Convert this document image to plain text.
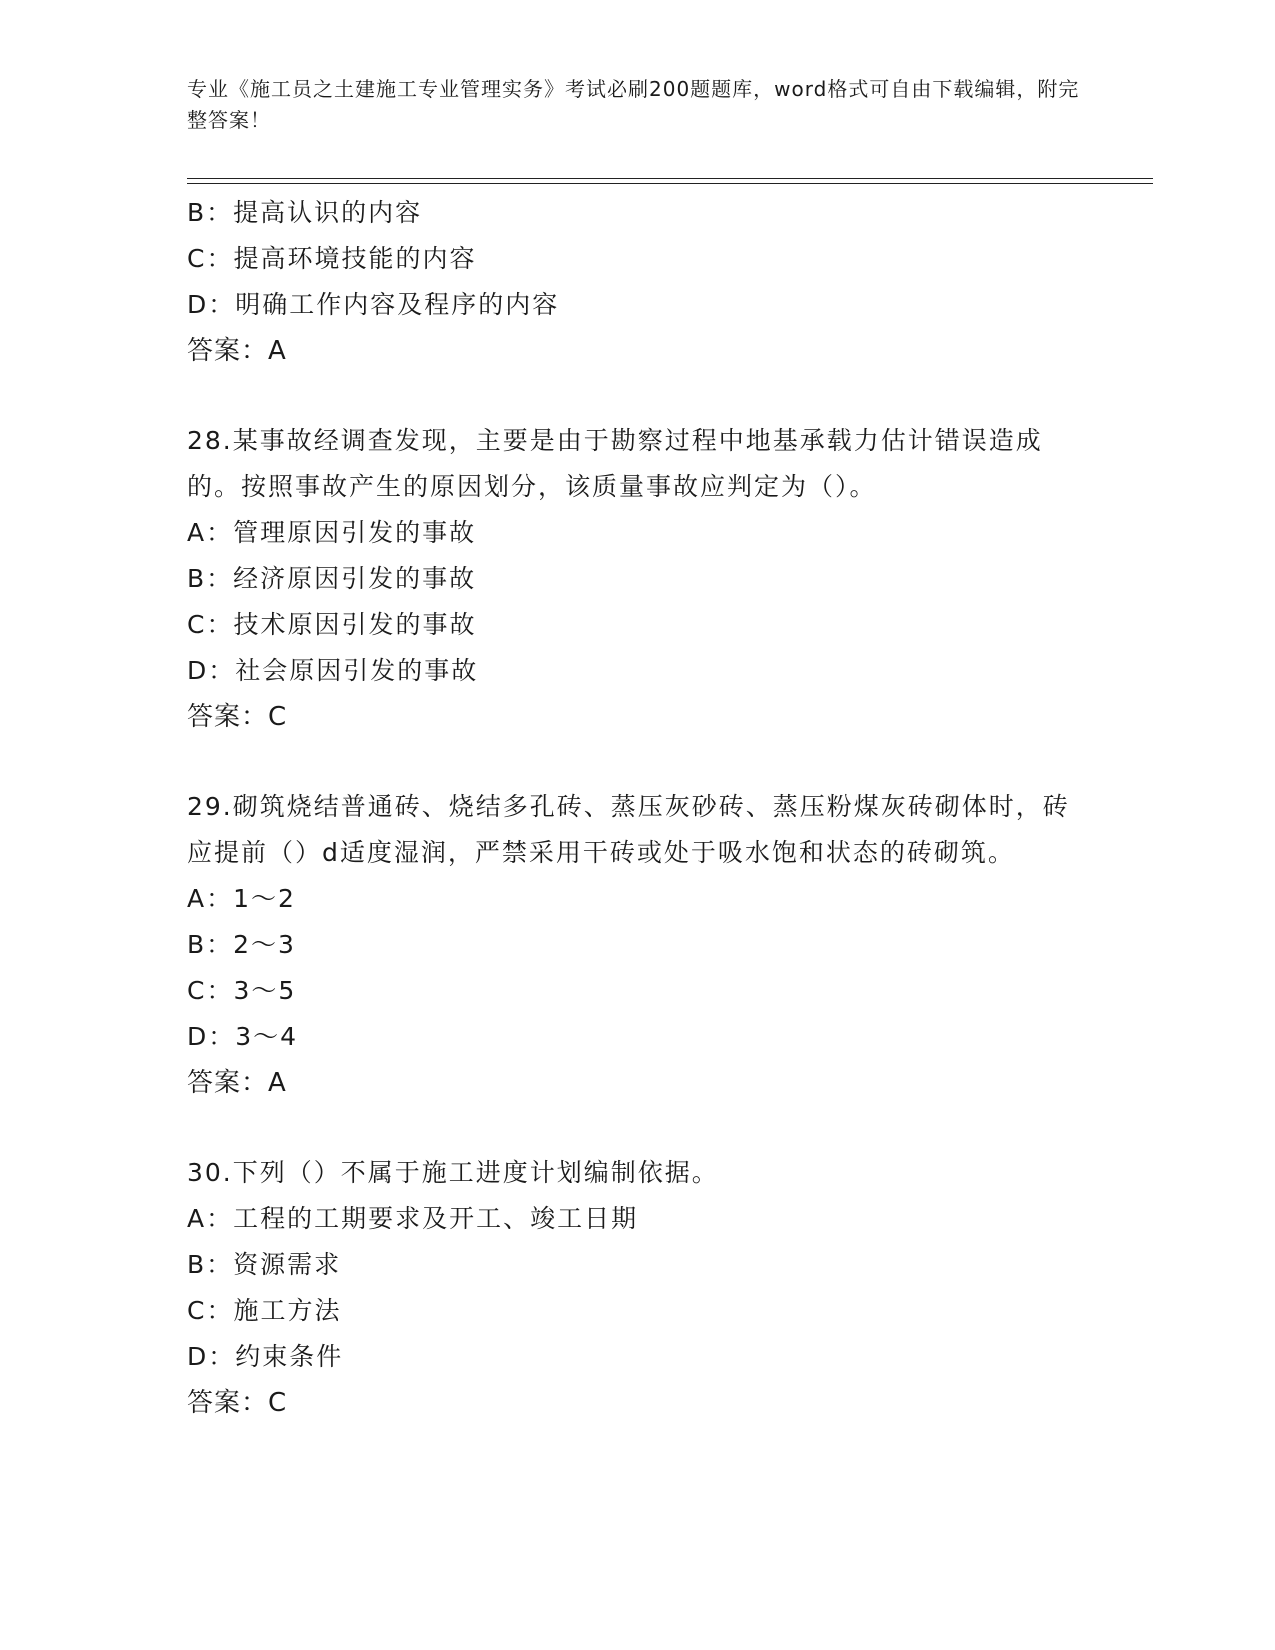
专业《施工员之土建施工专业管理实务》考试必刷200题题库，word格式可自由下载编辑，附完整答案！
B：提高认识的内容
C：提高环境技能的内容
D：明确工作内容及程序的内容
答案：A
28.某事故经调查发现，主要是由于勘察过程中地基承载力估计错误造成的。按照事故产生的原因划分，该质量事故应判定为（）。
A：管理原因引发的事故
B：经济原因引发的事故
C：技术原因引发的事故
D：社会原因引发的事故
答案：C
29.砌筑烧结普通砖、烧结多孔砖、蒸压灰砂砖、蒸压粉煤灰砖砌体时，砖应提前（）d适度湿润，严禁采用干砖或处于吸水饱和状态的砖砌筑。
A：1～2
B：2～3
C：3～5
D：3～4
答案：A
30.下列（）不属于施工进度计划编制依据。
A：工程的工期要求及开工、竣工日期
B：资源需求
C：施工方法
D：约束条件
答案：C
